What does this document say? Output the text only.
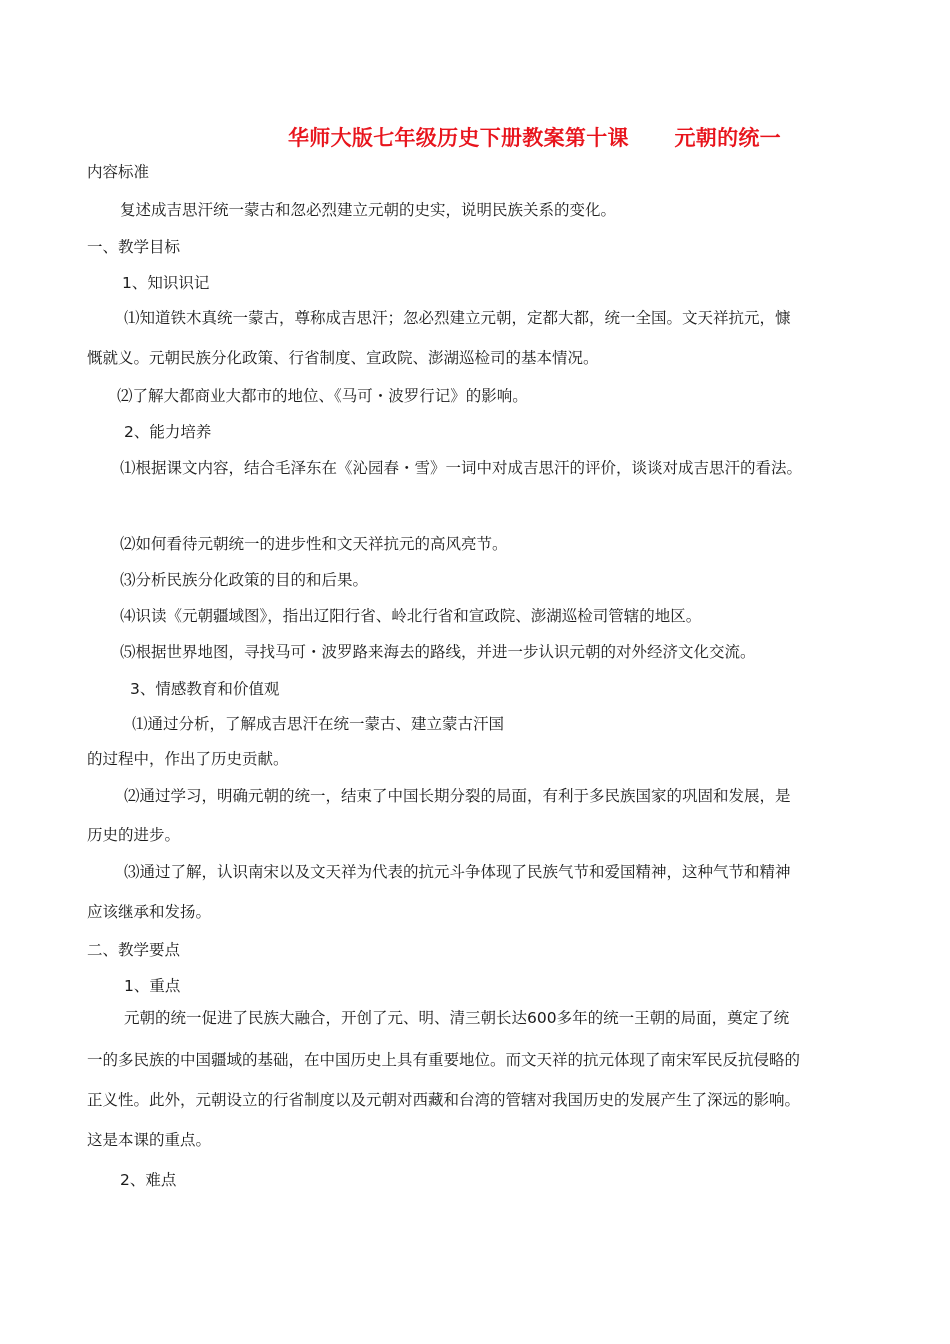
华师大版七年级历史下册教案第十课      元朝的统一
内容标准
复述成吉思汗统一蒙古和忽必烈建立元朝的史实，说明民族关系的变化。
一、教学目标
1、知识识记
⑴知道铁木真统一蒙古，尊称成吉思汗；忽必烈建立元朝，定都大都，统一全国。文天祥抗元，慷
慨就义。元朝民族分化政策、行省制度、宣政院、澎湖巡检司的基本情况。
⑵了解大都商业大都市的地位、《马可・波罗行记》的影响。
2、能力培养
⑴根据课文内容，结合毛泽东在《沁园春・雪》一词中对成吉思汗的评价，谈谈对成吉思汗的看法。
⑵如何看待元朝统一的进步性和文天祥抗元的高风亮节。
⑶分析民族分化政策的目的和后果。
⑷识读《元朝疆域图》，指出辽阳行省、岭北行省和宣政院、澎湖巡检司管辖的地区。
⑸根据世界地图，寻找马可・波罗路来海去的路线，并进一步认识元朝的对外经济文化交流。
3、情感教育和价值观
⑴通过分析，了解成吉思汗在统一蒙古、建立蒙古汗国
的过程中，作出了历史贡献。
⑵通过学习，明确元朝的统一，结束了中国长期分裂的局面，有利于多民族国家的巩固和发展，是
历史的进步。
⑶通过了解，认识南宋以及文天祥为代表的抗元斗争体现了民族气节和爱国精神，这种气节和精神
应该继承和发扬。
二、教学要点
1、重点
元朝的统一促进了民族大融合，开创了元、明、清三朝长达600多年的统一王朝的局面，奠定了统
一的多民族的中国疆域的基础，在中国历史上具有重要地位。而文天祥的抗元体现了南宋军民反抗侵略的
正义性。此外，元朝设立的行省制度以及元朝对西藏和台湾的管辖对我国历史的发展产生了深远的影响。
这是本课的重点。
2、难点
